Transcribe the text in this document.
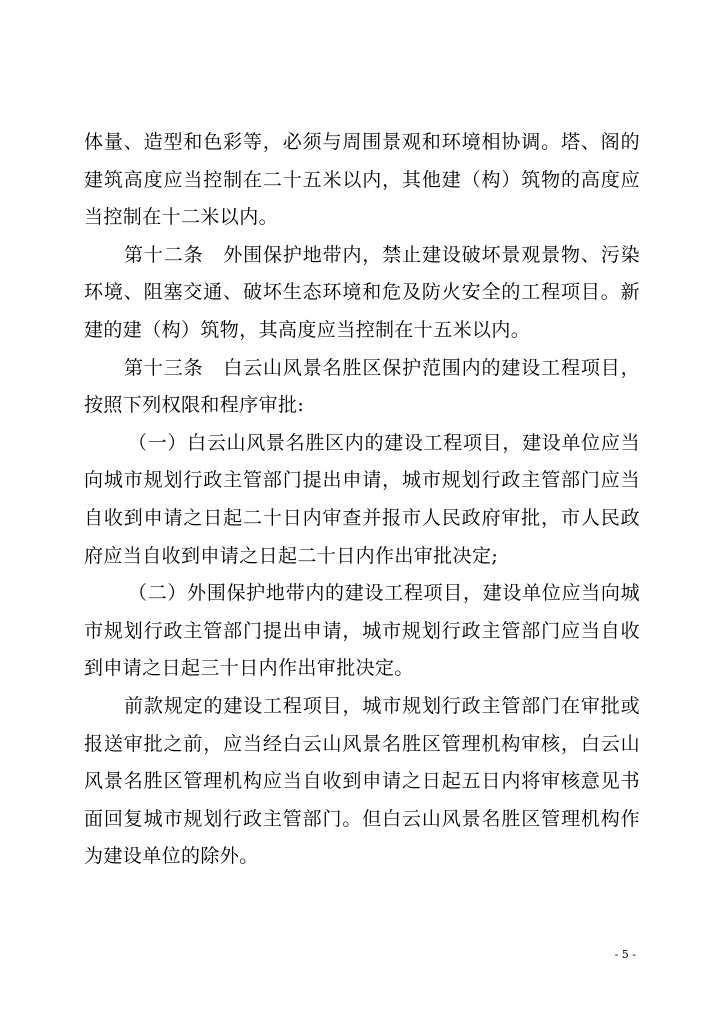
体量、造型和色彩等，必须与周围景观和环境相协调。塔、阁的
建筑高度应当控制在二十五米以内，其他建（构）筑物的高度应
当控制在十二米以内。
第十二条　外围保护地带内，禁止建设破坏景观景物、污染
环境、阻塞交通、破坏生态环境和危及防火安全的工程项目。新
建的建（构）筑物，其高度应当控制在十五米以内。
第十三条　白云山风景名胜区保护范围内的建设工程项目，
按照下列权限和程序审批:
（一）白云山风景名胜区内的建设工程项目，建设单位应当
向城市规划行政主管部门提出申请，城市规划行政主管部门应当
自收到申请之日起二十日内审查并报市人民政府审批，市人民政
府应当自收到申请之日起二十日内作出审批决定;
（二）外围保护地带内的建设工程项目，建设单位应当向城
市规划行政主管部门提出申请，城市规划行政主管部门应当自收
到申请之日起三十日内作出审批决定。
前款规定的建设工程项目，城市规划行政主管部门在审批或
报送审批之前，应当经白云山风景名胜区管理机构审核，白云山
风景名胜区管理机构应当自收到申请之日起五日内将审核意见书
面回复城市规划行政主管部门。但白云山风景名胜区管理机构作
为建设单位的除外。
- 5 -
